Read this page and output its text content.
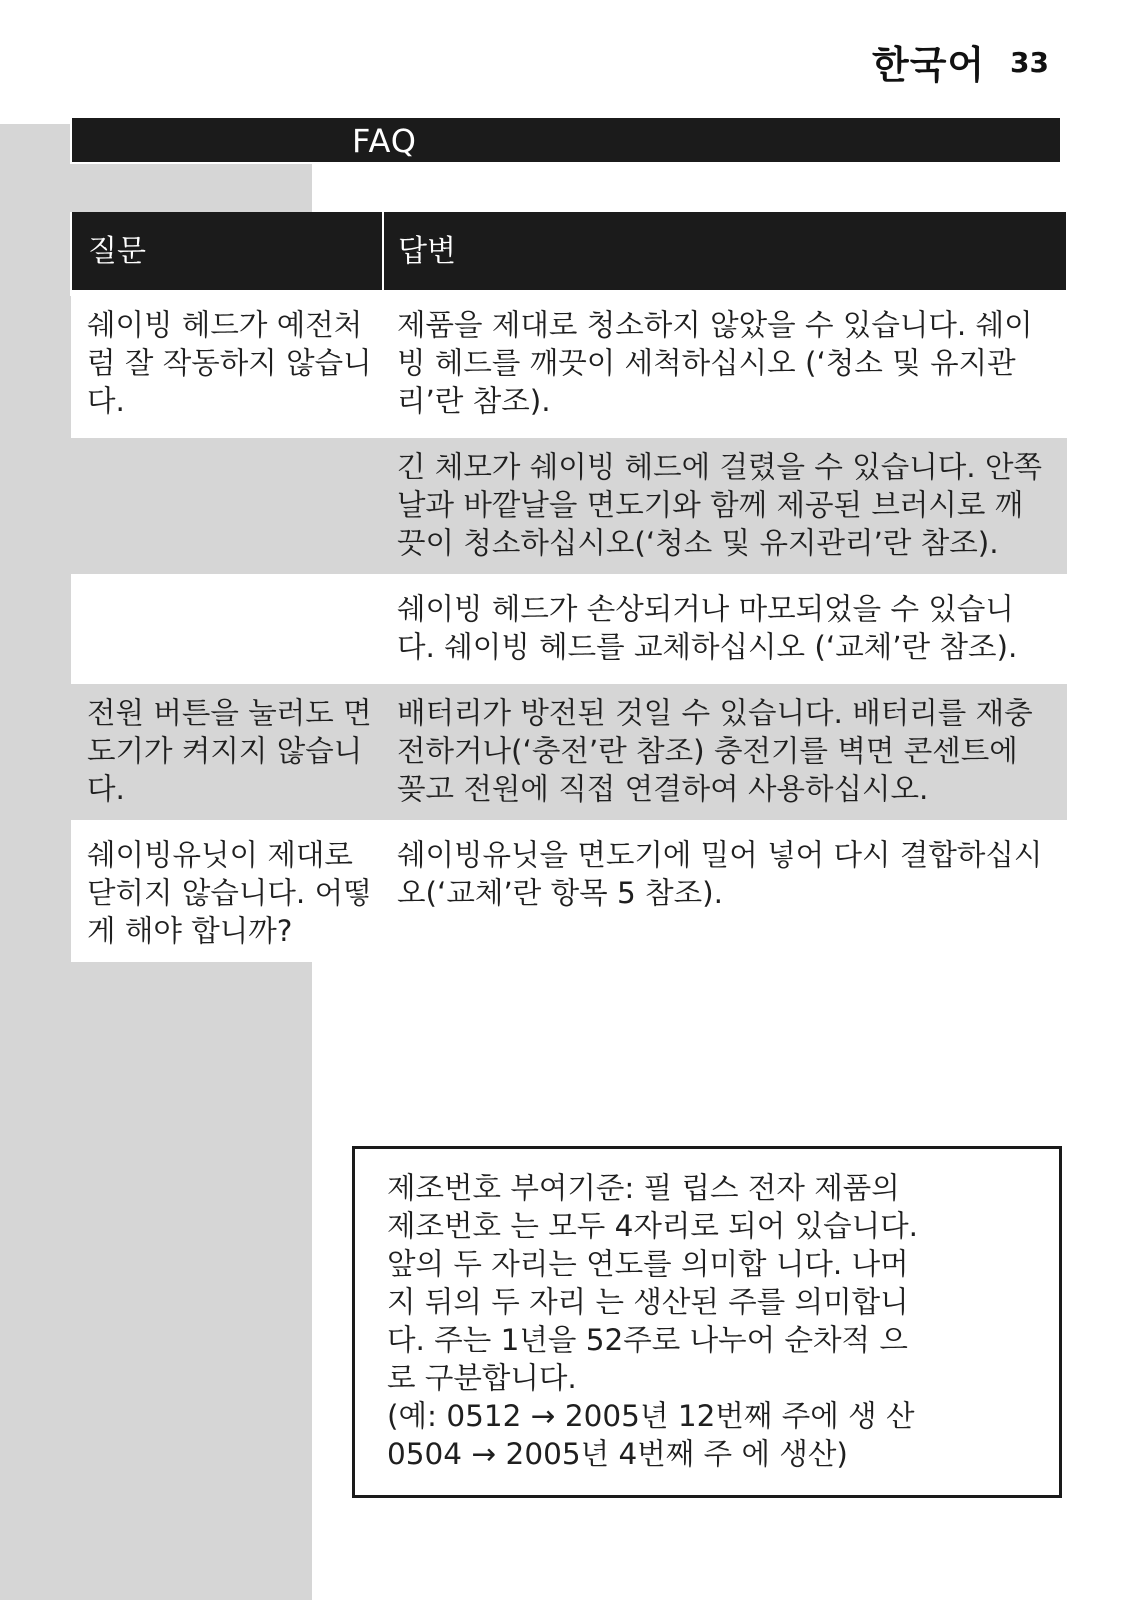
한국어 33
FAQ
질문	답변
쉐이빙 헤드가 예전처럼 잘 작동하지 않습니다.	제품을 제대로 청소하지 않았을 수 있습니다. 쉐이빙 헤드를 깨끗이 세척하십시오 (‘청소 및 유지관리’란 참조).
	긴 체모가 쉐이빙 헤드에 걸렸을 수 있습니다. 안쪽날과 바깥날을 면도기와 함께 제공된 브러시로 깨끗이 청소하십시오(‘청소 및 유지관리’란 참조).
	쉐이빙 헤드가 손상되거나 마모되었을 수 있습니다. 쉐이빙 헤드를 교체하십시오 (‘교체’란 참조).
전원 버튼을 눌러도 면도기가 켜지지 않습니다.	배터리가 방전된 것일 수 있습니다. 배터리를 재충전하거나(‘충전’란 참조) 충전기를 벽면 콘센트에 꽂고 전원에 직접 연결하여 사용하십시오.
쉐이빙유닛이 제대로 닫히지 않습니다. 어떻게 해야 합니까?	쉐이빙유닛을 면도기에 밀어 넣어 다시 결합하십시오(‘교체’란 항목 5 참조).
제조번호 부여기준: 필 립스 전자 제품의
제조번호 는 모두 4자리로 되어 있습니다.
앞의 두 자리는 연도를 의미합 니다. 나머
지 뒤의 두 자리 는 생산된 주를 의미합니
다. 주는 1년을 52주로 나누어 순차적 으
로 구분합니다.
(예: 0512 → 2005년 12번째 주에 생 산
0504 → 2005년 4번째 주 에 생산)
